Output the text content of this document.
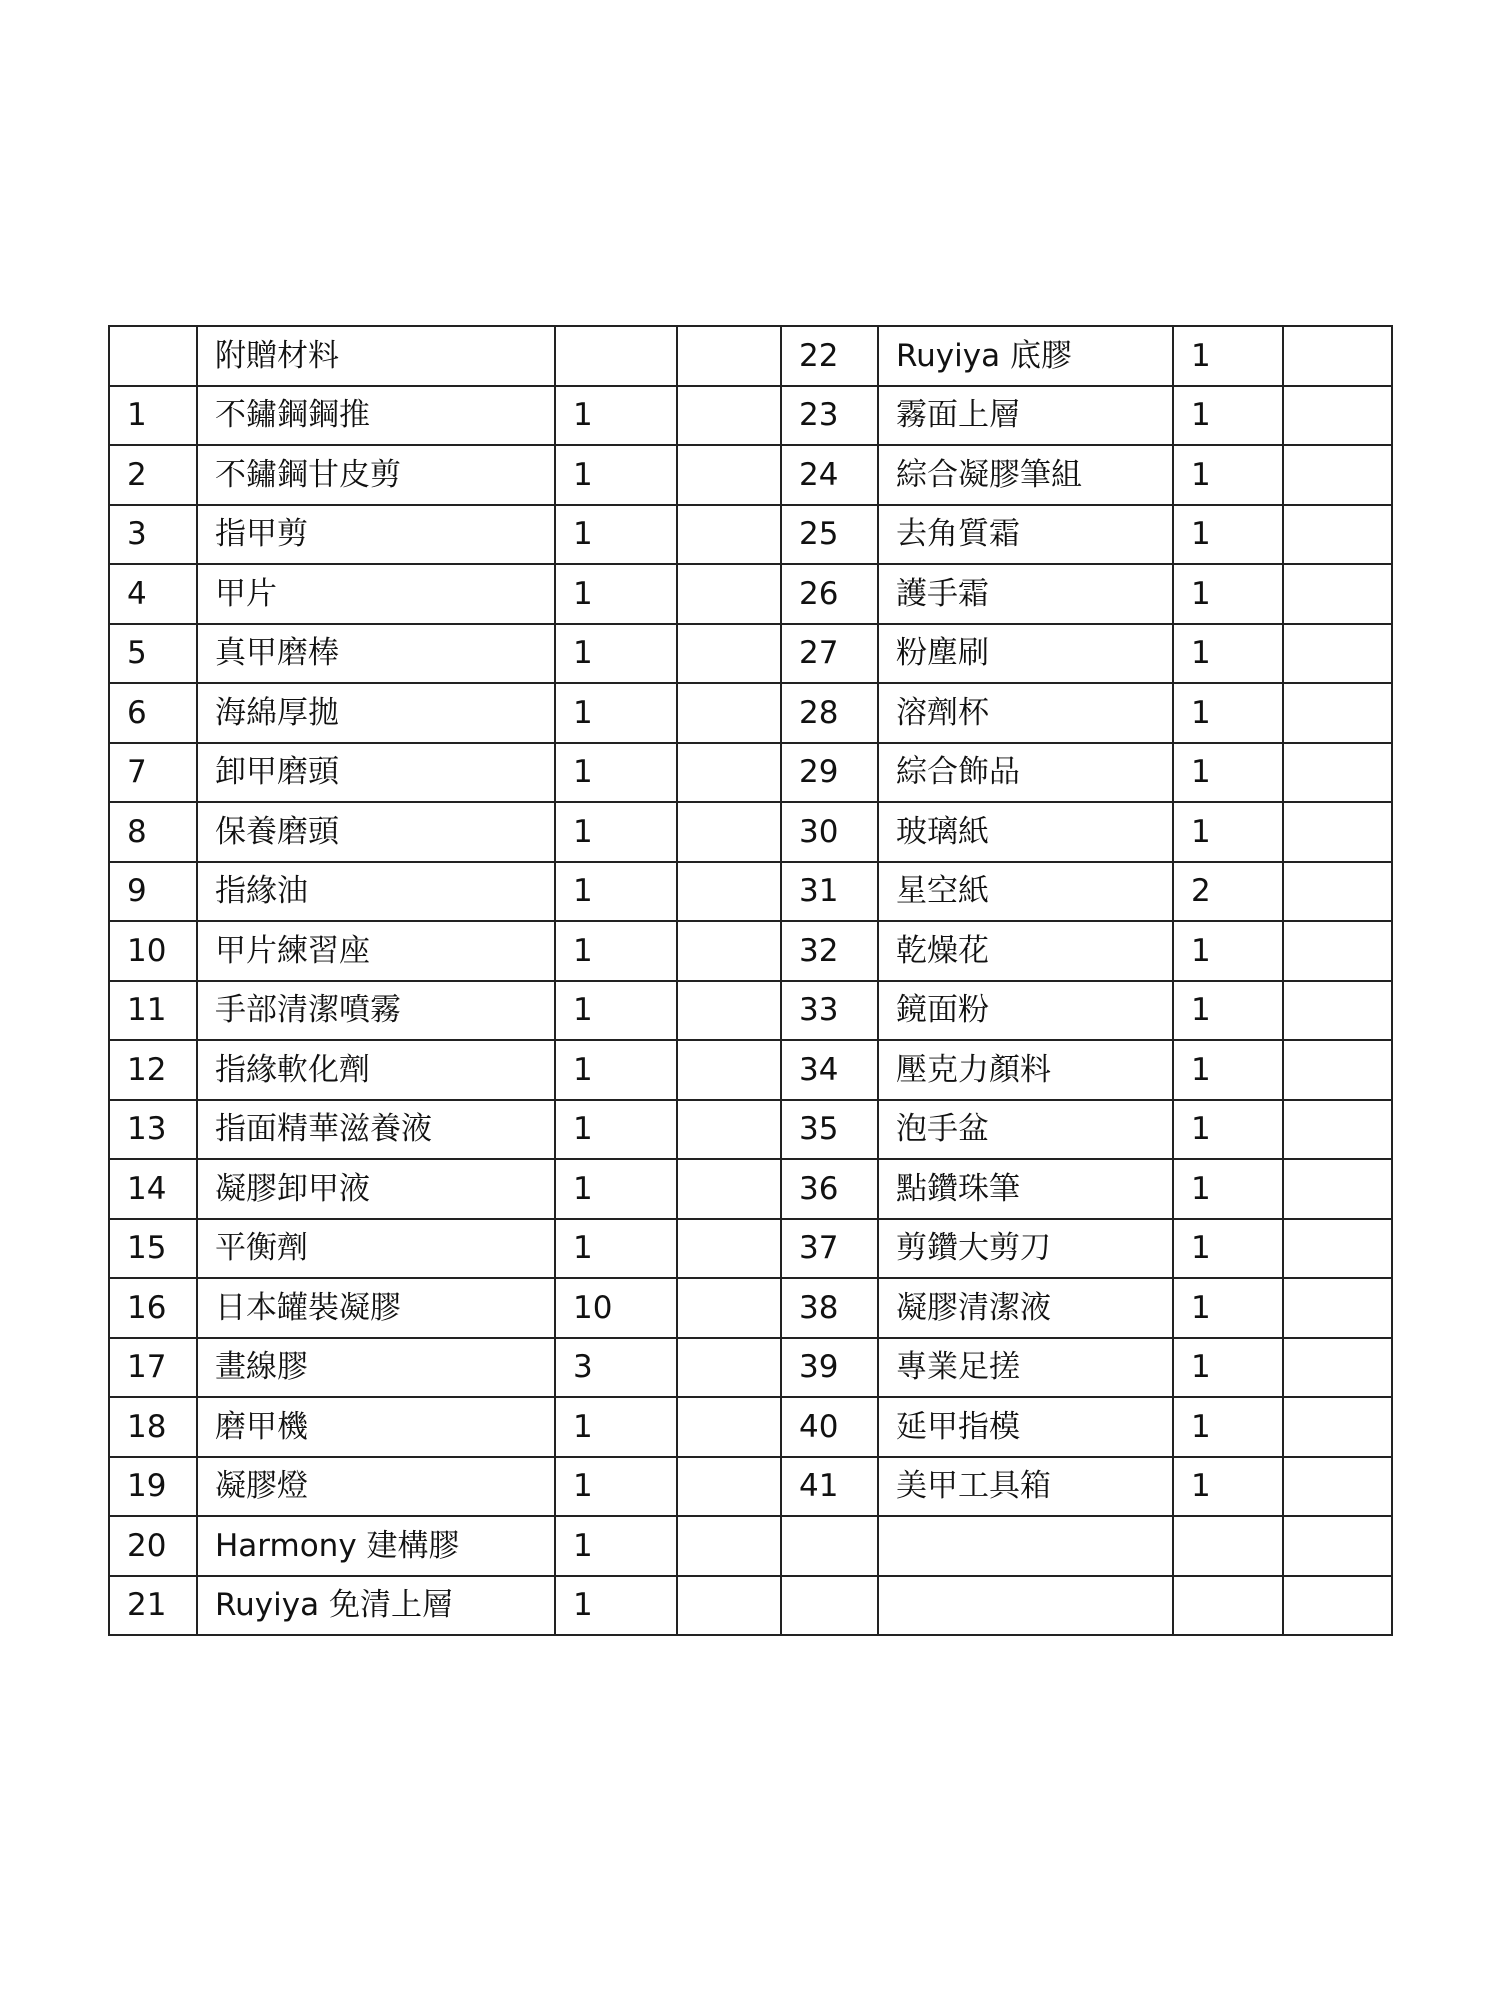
	附贈材料			22	Ruyiya 底膠	1	
1	不鏽鋼鋼推	1		23	霧面上層	1	
2	不鏽鋼甘皮剪	1		24	綜合凝膠筆組	1	
3	指甲剪	1		25	去角質霜	1	
4	甲片	1		26	護手霜	1	
5	真甲磨棒	1		27	粉塵刷	1	
6	海綿厚拋	1		28	溶劑杯	1	
7	卸甲磨頭	1		29	綜合飾品	1	
8	保養磨頭	1		30	玻璃紙	1	
9	指緣油	1		31	星空紙	2	
10	甲片練習座	1		32	乾燥花	1	
11	手部清潔噴霧	1		33	鏡面粉	1	
12	指緣軟化劑	1		34	壓克力顏料	1	
13	指面精華滋養液	1		35	泡手盆	1	
14	凝膠卸甲液	1		36	點鑽珠筆	1	
15	平衡劑	1		37	剪鑽大剪刀	1	
16	日本罐裝凝膠	10		38	凝膠清潔液	1	
17	畫線膠	3		39	專業足搓	1	
18	磨甲機	1		40	延甲指模	1	
19	凝膠燈	1		41	美甲工具箱	1	
20	Harmony 建構膠	1					
21	Ruyiya 免清上層	1					
